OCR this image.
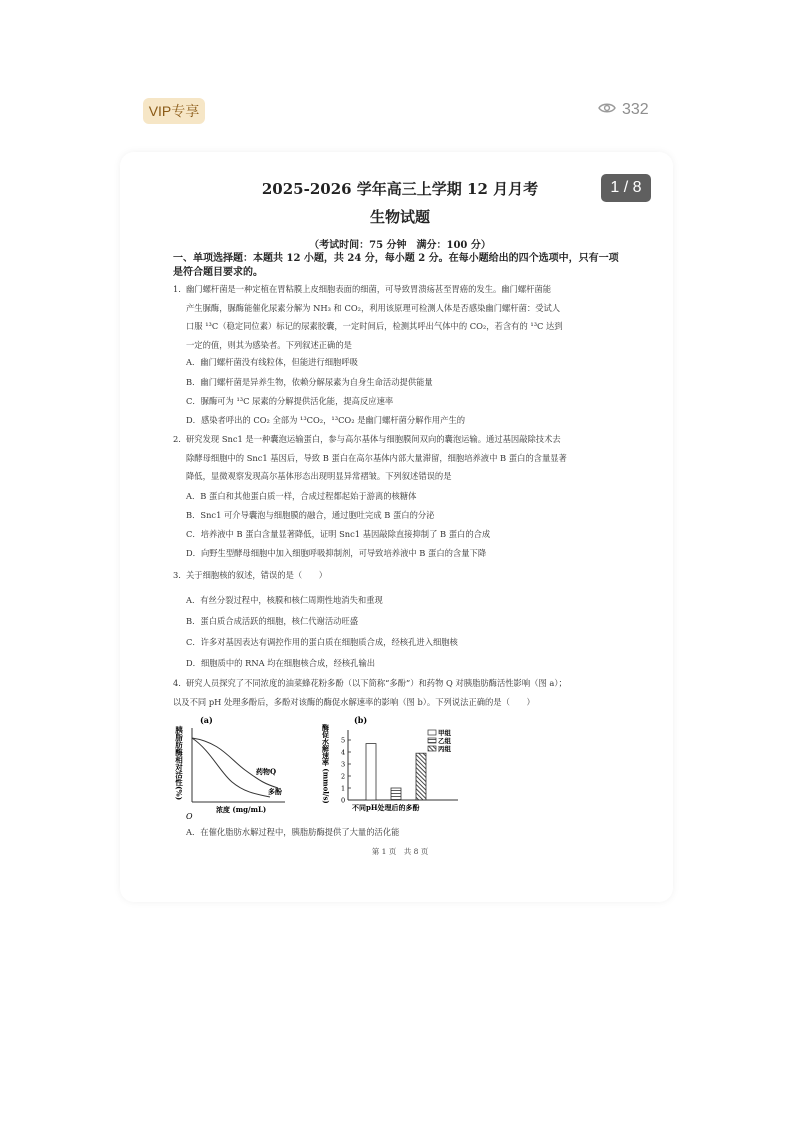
VIP专享	332
1 / 8
2025-2026 学年高三上学期 12 月月考
生物试题
（考试时间：75 分钟　满分：100 分）
一、单项选择题：本题共 12 小题，共 24 分，每小题 2 分。在每小题给出的四个选项中，只有一项是符合题目要求的。
1. 幽门螺杆菌是一种定植在胃粘膜上皮细胞表面的细菌，可导致胃溃疡甚至胃癌的发生。幽门螺杆菌能
产生脲酶，脲酶能催化尿素分解为 NH₃ 和 CO₂，利用该原理可检测人体是否感染幽门螺杆菌：受试人
口服 ¹³C（稳定同位素）标记的尿素胶囊，一定时间后，检测其呼出气体中的 CO₂，若含有的 ¹³C 达到
一定的值，则其为感染者。下列叙述正确的是
A．幽门螺杆菌没有线粒体，但能进行细胞呼吸
B．幽门螺杆菌是异养生物，依赖分解尿素为自身生命活动提供能量
C．脲酶可为 ¹³C 尿素的分解提供活化能，提高反应速率
D．感染者呼出的 CO₂ 全部为 ¹³CO₂，¹³CO₂ 是幽门螺杆菌分解作用产生的
2. 研究发现 Snc1 是一种囊泡运输蛋白，参与高尔基体与细胞膜间双向的囊泡运输。通过基因敲除技术去
除酵母细胞中的 Snc1 基因后，导致 B 蛋白在高尔基体内部大量滞留，细胞培养液中 B 蛋白的含量显著
降低，显微观察发现高尔基体形态出现明显异常褶皱。下列叙述错误的是
A．B 蛋白和其他蛋白质一样，合成过程都起始于游离的核糖体
B．Snc1 可介导囊泡与细胞膜的融合，通过胞吐完成 B 蛋白的分泌
C．培养液中 B 蛋白含量显著降低，证明 Snc1 基因敲除直接抑制了 B 蛋白的合成
D．向野生型酵母细胞中加入细胞呼吸抑制剂，可导致培养液中 B 蛋白的含量下降
3. 关于细胞核的叙述，错误的是（　　）
A．有丝分裂过程中，核膜和核仁周期性地消失和重现
B．蛋白质合成活跃的细胞，核仁代谢活动旺盛
C．许多对基因表达有调控作用的蛋白质在细胞质合成，经核孔进入细胞核
D．细胞质中的 RNA 均在细胞核合成，经核孔输出
4. 研究人员探究了不同浓度的油菜蜂花粉多酚（以下简称“多酚”）和药物 Q 对胰脂肪酶活性影响（图 a）；
以及不同 pH 处理多酚后，多酚对该酶的酶促水解速率的影响（图 b）。下列说法正确的是（　　）
(a)
胰脂肪酶相对活性(%)	药物Q
多酚
浓度 (mg/mL)
O
(b)
酶促水解速率 (mmol/s) 0
1
2
3
4
5
甲组
乙组
丙组
不同pH处理后的多酚
A．在催化脂肪水解过程中，胰脂肪酶提供了大量的活化能
第 1 页　共 8 页
